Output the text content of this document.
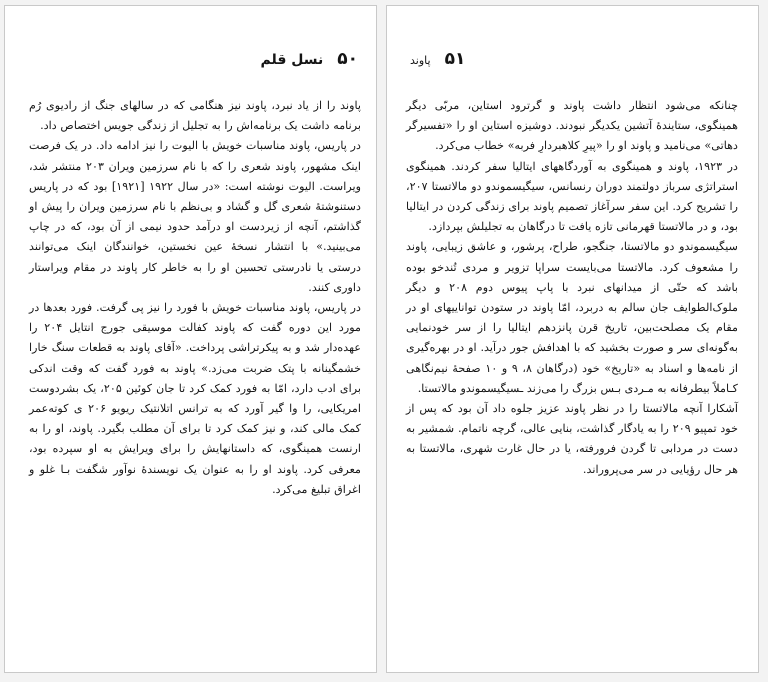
۵۰
نسل قلم

پاوند را از یاد نبرد، پاوند نیز هنگامی که در سالهای جنگ از رادیوی رُم برنامه داشت یک برنامه‌اش را به تجلیل از زندگی جویس اختصاص داد.

در پاریس، پاوند مناسبات خویش با الیوت را نیز ادامه داد. در یک فرصت اینک مشهور، پاوند شعری را که با نام سرزمین ویران ۲۰۳ منتشر شد، ویراست. الیوت نوشته است: «در سال ۱۹۲۲ [۱۹۲۱] بود که در پاریس دستنوشتهٔ شعری گل و گشاد و بی‌نظم با نام سرزمین ویران را پیش او گذاشتم، آنچه از زیردست او درآمد حدود نیمی از آن بود، که در چاپ می‌بینید.» با انتشار نسخهٔ عین نخستین، خوانندگان اینک می‌توانند درستی یا نادرستی تحسین او را به خاطر کار پاوند در مقام ویراستار داوری کنند.

در پاریس، پاوند مناسبات خویش با فورد را نیز پی گرفت. فورد بعدها در مورد این دوره گفت که پاوند کفالت موسیقی جورج انتایل ۲۰۴ را عهده‌دار شد و به پیکرتراشی پرداخت. «آقای پاوند به قطعات سنگ خارا خشمگینانه با پتک ضربت می‌زد.» پاوند به فورد گفت که وقت اندکی برای ادب دارد، امّا به فورد کمک کرد تا جان کوئین ۲۰۵، یک بشردوست امریکایی، را وا گیر آورد که به ترانس اتلانتیک ریویو ۲۰۶ ی کوته‌عمر کمک مالی کند، و نیز کمک کرد تا برای آن مطلب بگیرد. پاوند، او را به ارنست همینگوی، که داستانهایش را برای ویرایش به او سپرده بود، معرفی کرد. پاوند او را به عنوان یک نویسندهٔ نوآور شگفت بـا غلو و اغراق تبلیغ می‌کرد.

۵۱
پاوند

چنانکه می‌شود انتظار داشت پاوند و گرترود استاین، مربّی دیگر همینگوی، ستایندهٔ آتشین یکدیگر نبودند. دوشیزه استاین او را «تفسیرگر دهاتی» می‌نامید و پاوند او را «پیرِ کلاهبردارِ فربه» خطاب می‌کرد.

در ۱۹۲۳، پاوند و همینگوی به آوردگاههای ایتالیا سفر کردند. همینگوی استراتژی سرباز دولتمند دوران رنسانس، سیگیسموندو دو مالاتستا ۲۰۷، را تشریح کرد. این سفر سرآغاز تصمیم پاوند برای زندگی کردن در ایتالیا بود، و در مالاتستا قهرمانی تازه یافت تا درگاهان به تجلیلش بپردازد.

سیگیسموندو دو مالاتستا، جنگجو، طراح، پرشور، و عاشق زیبایی، پاوند را مشعوف کرد. مالاتستا می‌بایست سراپا تزویر و مردی تُندخو بوده باشد که حتّی از میدانهای نبرد با پاپ پیوس دوم ۲۰۸ و دیگر ملوک‌الطوایف جان سالم به دربرد، امّا پاوند در ستودن تواناییهای او در مقام یک مصلحت‌بین، تاریخ قرن پانزدهم ایتالیا را از سر خودنمایی به‌گونه‌ای سر و صورت بخشید که با اهدافش جور درآید. او در بهره‌گیری از نامه‌ها و اسناد به «تاریخ» خود (درگاهان ۸، ۹ و ۱۰ صفحهٔ نیم‌نگاهی کـاملاً بیطرفانه به مـردی بـس بزرگ را می‌زند ـسیگیسموندو مالاتستا.

آشکارا آنچه مالاتستا را در نظر پاوند عزیز جلوه داد آن بود که پس از خود تمپیو ۲۰۹ را به یادگار گذاشت، بنایی عالی، گرچه ناتمام. شمشیر به دست در مردابی تا گردن فرورفته، یا در حال غارت شهری، مالاتستا به هر حال رؤیایی در سر می‌پروراند.
